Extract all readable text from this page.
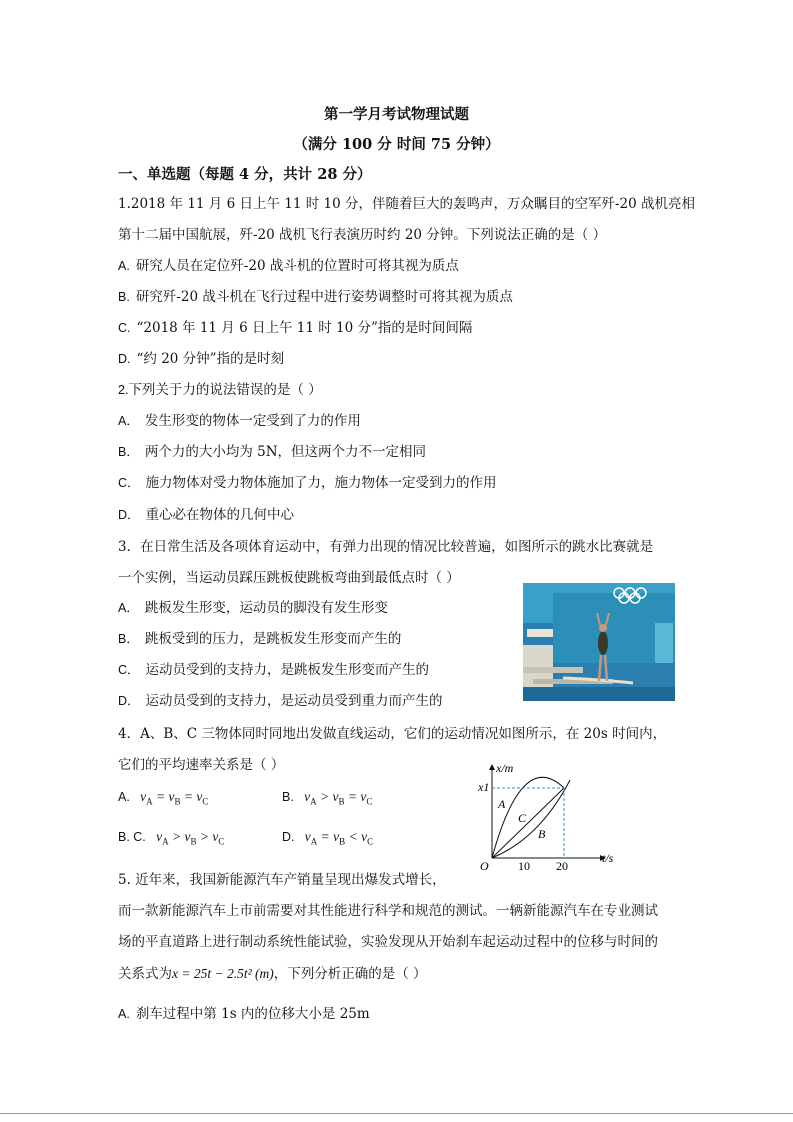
第一学月考试物理试题
（满分 100 分 时间 75 分钟）
一、单选题（每题 4 分，共计 28 分）
1.2018 年 11 月 6 日上午 11 时 10 分，伴随着巨大的轰鸣声，万众瞩目的空军歼-20 战机亮相
第十二届中国航展，歼-20 战机飞行表演历时约 20 分钟。下列说法正确的是（ ）
A. 研究人员在定位歼-20 战斗机的位置时可将其视为质点
B. 研究歼-20 战斗机在飞行过程中进行姿势调整时可将其视为质点
C. “2018 年 11 月 6 日上午 11 时 10 分”指的是时间间隔
D. “约 20 分钟”指的是时刻
2.下列关于力的说法错误的是（ ）
A． 发生形变的物体一定受到了力的作用
B． 两个力的大小均为 5N，但这两个力不一定相同
C． 施力物体对受力物体施加了力，施力物体一定受到力的作用
D． 重心必在物体的几何中心
3．在日常生活及各项体育运动中，有弹力出现的情况比较普遍，如图所示的跳水比赛就是
一个实例，当运动员踩压跳板使跳板弯曲到最低点时（ ）
A． 跳板发生形变，运动员的脚没有发生形变
B． 跳板受到的压力，是跳板发生形变而产生的
C． 运动员受到的支持力，是跳板发生形变而产生的
D． 运动员受到的支持力，是运动员受到重力而产生的
4．A、B、C 三物体同时同地出发做直线运动，它们的运动情况如图所示，在 20s 时间内，
它们的平均速率关系是（ ）
A. $v_A = v_B = v_C$	B. $v_A > v_B = v_C$
B. C. $v_A > v_B > v_C$	D. $v_A = v_B < v_C$
x/m
t/s
O
x1
10 20
A
C
B
5. 近年来，我国新能源汽车产销量呈现出爆发式增长，
而一款新能源汽车上市前需要对其性能进行科学和规范的测试。一辆新能源汽车在专业测试
场的平直道路上进行制动系统性能试验，实验发现从开始刹车起运动过程中的位移与时间的
关系式为x = 25t − 2.5t² (m)，下列分析正确的是（ ）
A. 刹车过程中第 1s 内的位移大小是 25m
